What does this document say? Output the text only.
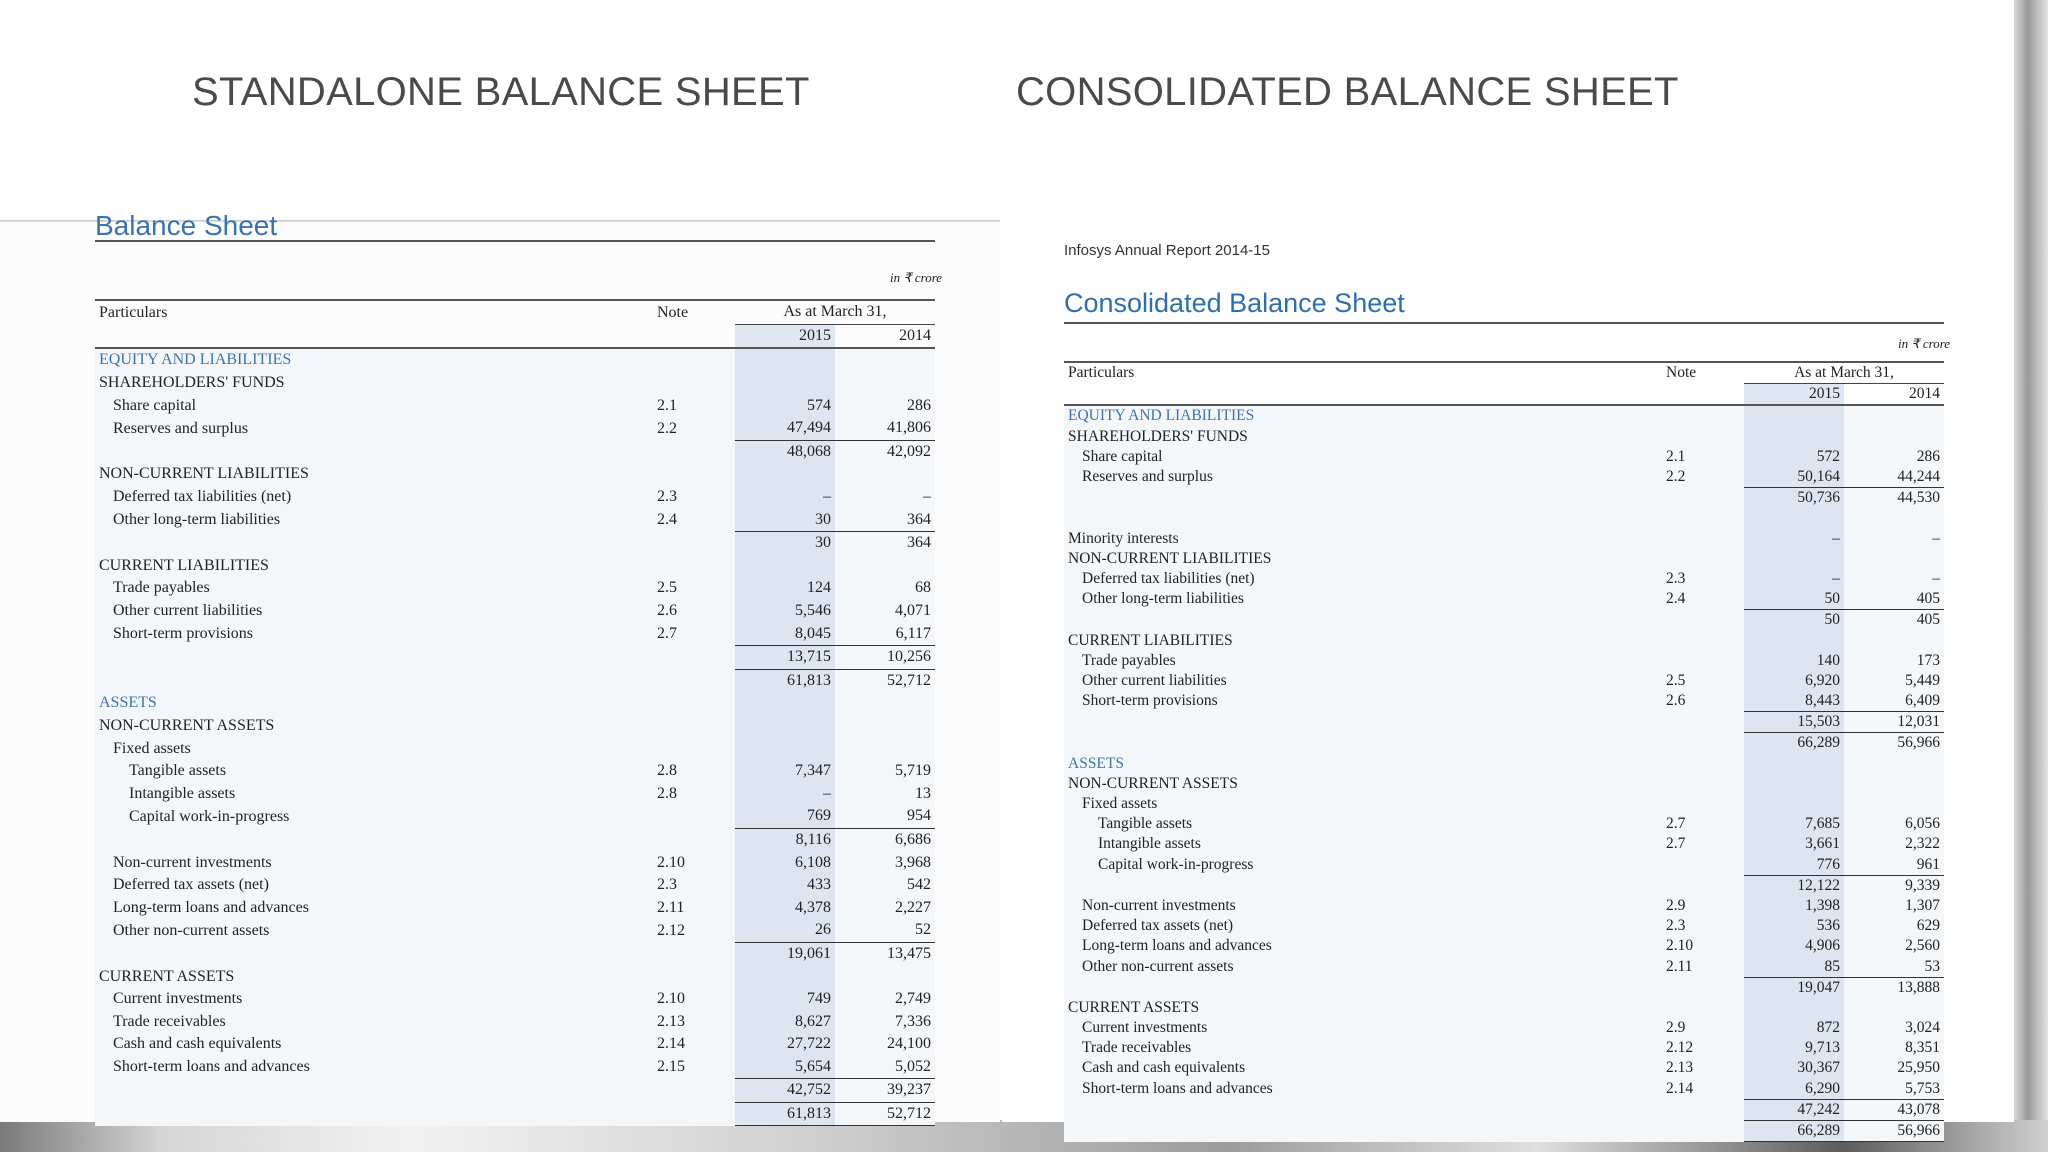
STANDALONE BALANCE SHEET	CONSOLIDATED BALANCE SHEET
Balance Sheet
in ₹ crore
Particulars	Note	As at March 31,	
		2015	2014
EQUITY AND LIABILITIES			
SHAREHOLDERS' FUNDS			
Share capital	2.1	574	286
Reserves and surplus	2.2	47,494	41,806
		48,068	42,092
NON-CURRENT LIABILITIES			
Deferred tax liabilities (net)	2.3	–	–
Other long-term liabilities	2.4	30	364
		30	364
CURRENT LIABILITIES			
Trade payables	2.5	124	68
Other current liabilities	2.6	5,546	4,071
Short-term provisions	2.7	8,045	6,117
		13,715	10,256
		61,813	52,712
ASSETS			
NON-CURRENT ASSETS			
Fixed assets			
Tangible assets	2.8	7,347	5,719
Intangible assets	2.8	–	13
Capital work-in-progress		769	954
		8,116	6,686
Non-current investments	2.10	6,108	3,968
Deferred tax assets (net)	2.3	433	542
Long-term loans and advances	2.11	4,378	2,227
Other non-current assets	2.12	26	52
		19,061	13,475
CURRENT ASSETS			
Current investments	2.10	749	2,749
Trade receivables	2.13	8,627	7,336
Cash and cash equivalents	2.14	27,722	24,100
Short-term loans and advances	2.15	5,654	5,052
		42,752	39,237
		61,813	52,712
Infosys Annual Report 2014-15
Consolidated Balance Sheet
in ₹ crore
Particulars	Note	As at March 31,	
		2015	2014
EQUITY AND LIABILITIES			
SHAREHOLDERS' FUNDS			
Share capital	2.1	572	286
Reserves and surplus	2.2	50,164	44,244
		50,736	44,530

Minority interests		–	–
NON-CURRENT LIABILITIES			
Deferred tax liabilities (net)	2.3	–	–
Other long-term liabilities	2.4	50	405
		50	405
CURRENT LIABILITIES			
Trade payables		140	173
Other current liabilities	2.5	6,920	5,449
Short-term provisions	2.6	8,443	6,409
		15,503	12,031
		66,289	56,966
ASSETS			
NON-CURRENT ASSETS			
Fixed assets			
Tangible assets	2.7	7,685	6,056
Intangible assets	2.7	3,661	2,322
Capital work-in-progress		776	961
		12,122	9,339
Non-current investments	2.9	1,398	1,307
Deferred tax assets (net)	2.3	536	629
Long-term loans and advances	2.10	4,906	2,560
Other non-current assets	2.11	85	53
		19,047	13,888
CURRENT ASSETS			
Current investments	2.9	872	3,024
Trade receivables	2.12	9,713	8,351
Cash and cash equivalents	2.13	30,367	25,950
Short-term loans and advances	2.14	6,290	5,753
		47,242	43,078
		66,289	56,966
